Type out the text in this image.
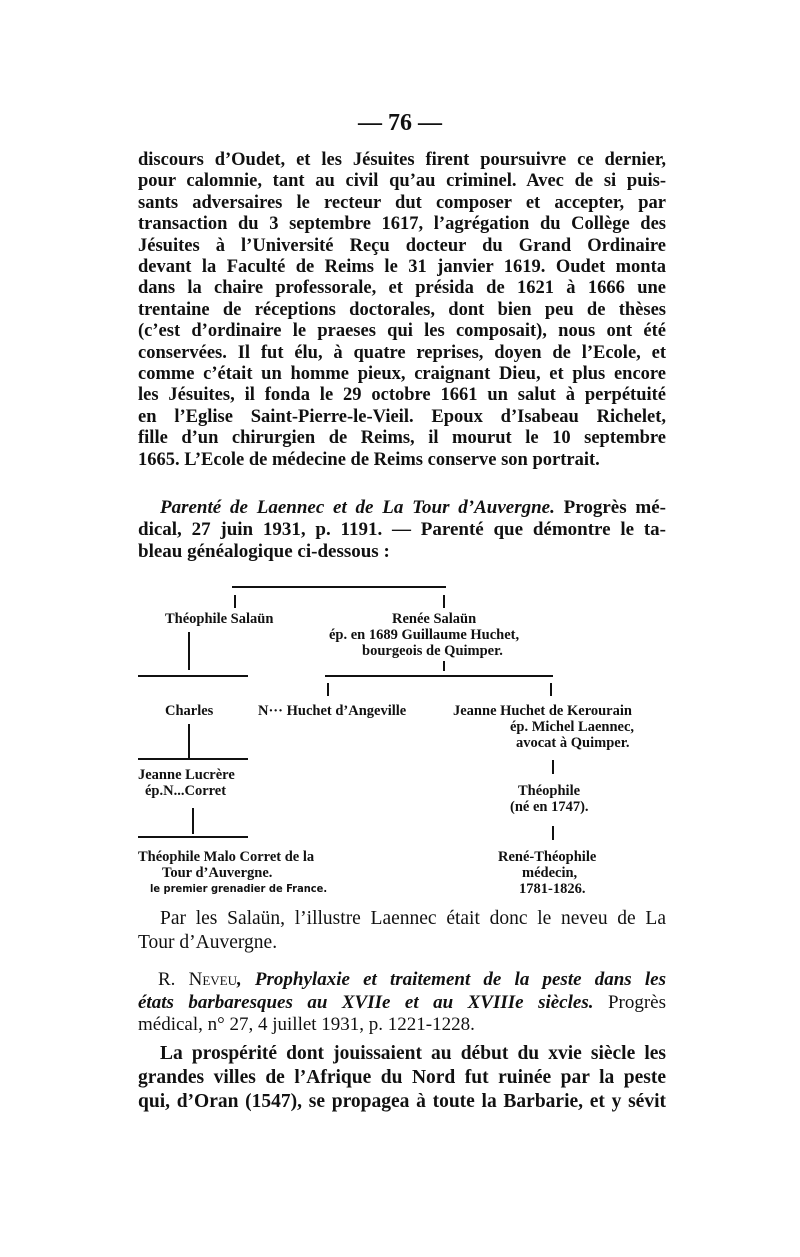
— 76 —
discours d’Oudet, et les Jésuites firent poursuivre ce dernier,
pour calomnie, tant au civil qu’au criminel. Avec de si puis-
sants adversaires le recteur dut composer et accepter, par
transaction du 3 septembre 1617, l’agrégation du Collège des
Jésuites à l’Université Reçu docteur du Grand Ordinaire
devant la Faculté de Reims le 31 janvier 1619. Oudet monta
dans la chaire professorale, et présida de 1621 à 1666 une
trentaine de réceptions doctorales, dont bien peu de thèses
(c’est d’ordinaire le praeses qui les composait), nous ont été
conservées. Il fut élu, à quatre reprises, doyen de l’Ecole, et
comme c’était un homme pieux, craignant Dieu, et plus encore
les Jésuites, il fonda le 29 octobre 1661 un salut à perpétuité
en l’Eglise Saint-Pierre-le-Vieil. Epoux d’Isabeau Richelet,
fille d’un chirurgien de Reims, il mourut le 10 septembre
1665. L’Ecole de médecine de Reims conserve son portrait.
Parenté de Laennec et de La Tour d’Auvergne. Progrès mé-
dical, 27 juin 1931, p. 1191. — Parenté que démontre le ta-
bleau généalogique ci-dessous :
Théophile Salaün	Renée Salaün
ép. en 1689 Guillaume Huchet,
bourgeois de Quimper.
Charles	N··· Huchet d’Angeville	Jeanne Huchet de Kerourain
ép. Michel Laennec,
avocat à Quimper.
Jeanne Lucrère
ép.N...Corret	Théophile
(né en 1747).
Théophile Malo Corret de la
Tour d’Auvergne.
le premier grenadier de France.
René-Théophile
médecin,
1781-1826.
Par les Salaün, l’illustre Laennec était donc le neveu de La
Tour d’Auvergne.
R. Neveu, Prophylaxie et traitement de la peste dans les
états barbaresques au XVIIe et au XVIIIe siècles. Progrès
médical, n° 27, 4 juillet 1931, p. 1221-1228.
La prospérité dont jouissaient au début du xvie siècle les
grandes villes de l’Afrique du Nord fut ruinée par la peste
qui, d’Oran (1547), se propagea à toute la Barbarie, et y sévit
